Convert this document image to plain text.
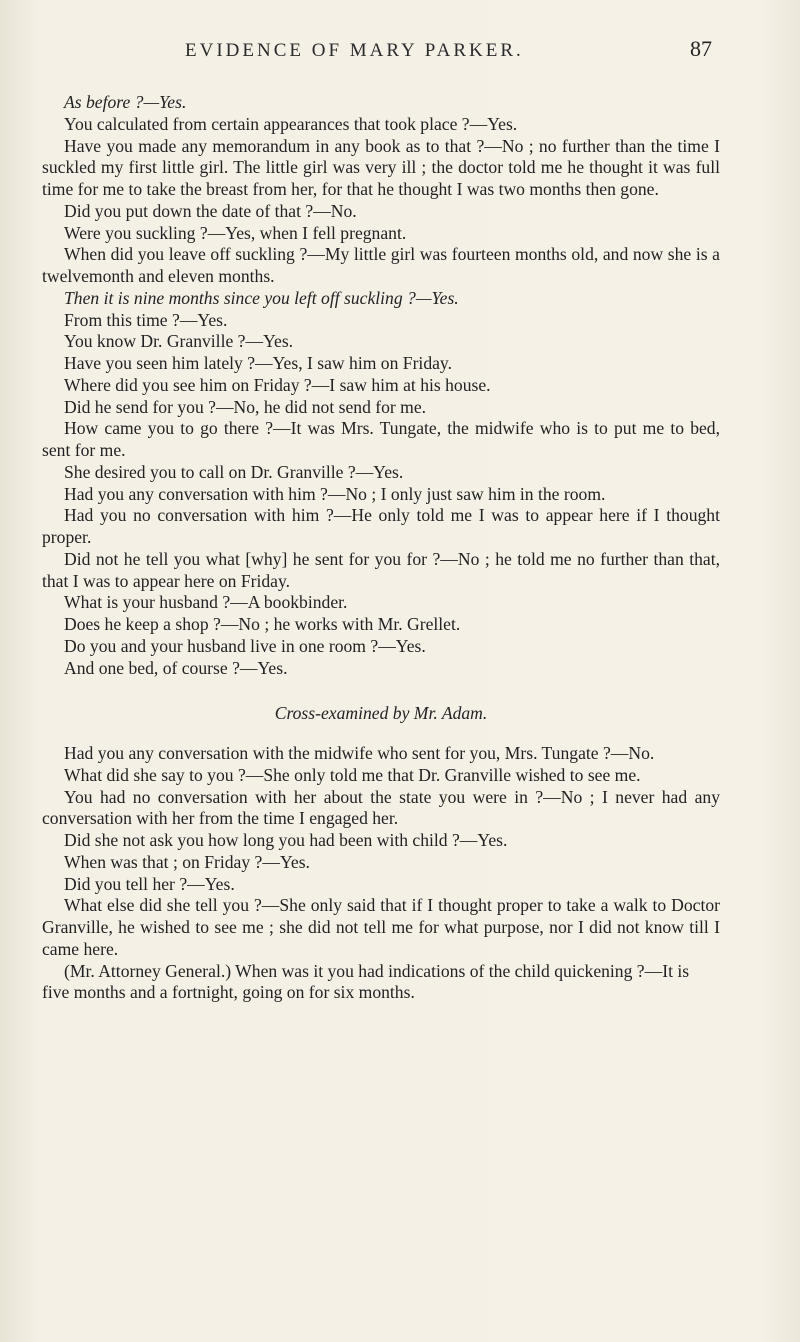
EVIDENCE OF MARY PARKER.	87

As before ?—Yes.

You calculated from certain appearances that took place ?—Yes.

Have you made any memorandum in any book as to that ?—No ; no further than the time I suckled my first little girl. The little girl was very ill ; the doctor told me he thought it was full time for me to take the breast from her, for that he thought I was two months then gone.

Did you put down the date of that ?—No.

Were you suckling ?—Yes, when I fell pregnant.

When did you leave off suckling ?—My little girl was fourteen months old, and now she is a twelvemonth and eleven months.

Then it is nine months since you left off suckling ?—Yes.

From this time ?—Yes.

You know Dr. Granville ?—Yes.

Have you seen him lately ?—Yes, I saw him on Friday.

Where did you see him on Friday ?—I saw him at his house.

Did he send for you ?—No, he did not send for me.

How came you to go there ?—It was Mrs. Tungate, the midwife who is to put me to bed, sent for me.

She desired you to call on Dr. Granville ?—Yes.

Had you any conversation with him ?—No ; I only just saw him in the room.

Had you no conversation with him ?—He only told me I was to appear here if I thought proper.

Did not he tell you what [why] he sent for you for ?—No ; he told me no further than that, that I was to appear here on Friday.

What is your husband ?—A bookbinder.

Does he keep a shop ?—No ; he works with Mr. Grellet.

Do you and your husband live in one room ?—Yes.

And one bed, of course ?—Yes.

Cross-examined by Mr. Adam.

Had you any conversation with the midwife who sent for you, Mrs. Tungate ?—No.

What did she say to you ?—She only told me that Dr. Granville wished to see me.

You had no conversation with her about the state you were in ?—No ; I never had any conversation with her from the time I engaged her.

Did she not ask you how long you had been with child ?—Yes.

When was that ; on Friday ?—Yes.

Did you tell her ?—Yes.

What else did she tell you ?—She only said that if I thought proper to take a walk to Doctor Granville, he wished to see me ; she did not tell me for what purpose, nor I did not know till I came here.

(Mr. Attorney General.) When was it you had indications of the child quickening ?—It is five months and a fortnight, going on for six months.
